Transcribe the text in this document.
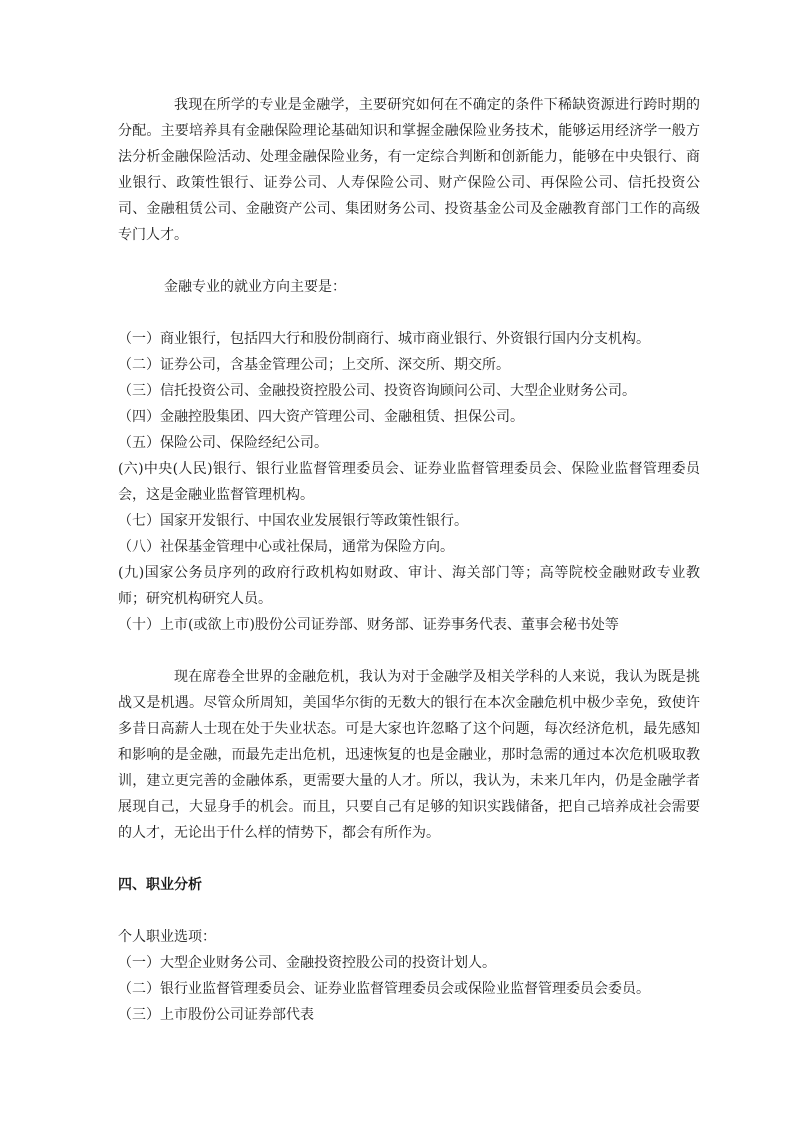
我现在所学的专业是金融学，主要研究如何在不确定的条件下稀缺资源进行跨时期的分配。主要培养具有金融保险理论基础知识和掌握金融保险业务技术，能够运用经济学一般方法分析金融保险活动、处理金融保险业务，有一定综合判断和创新能力，能够在中央银行、商业银行、政策性银行、证券公司、人寿保险公司、财产保险公司、再保险公司、信托投资公司、金融租赁公司、金融资产公司、集团财务公司、投资基金公司及金融教育部门工作的高级专门人才。

金融专业的就业方向主要是：

（一）商业银行，包括四大行和股份制商行、城市商业银行、外资银行国内分支机构。
（二）证券公司，含基金管理公司；上交所、深交所、期交所。
（三）信托投资公司、金融投资控股公司、投资咨询顾问公司、大型企业财务公司。
（四）金融控股集团、四大资产管理公司、金融租赁、担保公司。
（五）保险公司、保险经纪公司。
(六)中央(人民)银行、银行业监督管理委员会、证券业监督管理委员会、保险业监督管理委员会，这是金融业监督管理机构。
（七）国家开发银行、中国农业发展银行等政策性银行。
（八）社保基金管理中心或社保局，通常为保险方向。
(九)国家公务员序列的政府行政机构如财政、审计、海关部门等；高等院校金融财政专业教师；研究机构研究人员。
（十）上市(或欲上市)股份公司证券部、财务部、证券事务代表、董事会秘书处等

现在席卷全世界的金融危机，我认为对于金融学及相关学科的人来说，我认为既是挑战又是机遇。尽管众所周知，美国华尔街的无数大的银行在本次金融危机中极少幸免，致使许多昔日高薪人士现在处于失业状态。可是大家也许忽略了这个问题，每次经济危机，最先感知和影响的是金融，而最先走出危机，迅速恢复的也是金融业，那时急需的通过本次危机吸取教训，建立更完善的金融体系，更需要大量的人才。所以，我认为，未来几年内，仍是金融学者展现自己，大显身手的机会。而且，只要自己有足够的知识实践储备，把自己培养成社会需要的人才，无论出于什么样的情势下，都会有所作为。

四、职业分析

个人职业选项：

（一）大型企业财务公司、金融投资控股公司的投资计划人。
（二）银行业监督管理委员会、证券业监督管理委员会或保险业监督管理委员会委员。
（三）上市股份公司证券部代表
